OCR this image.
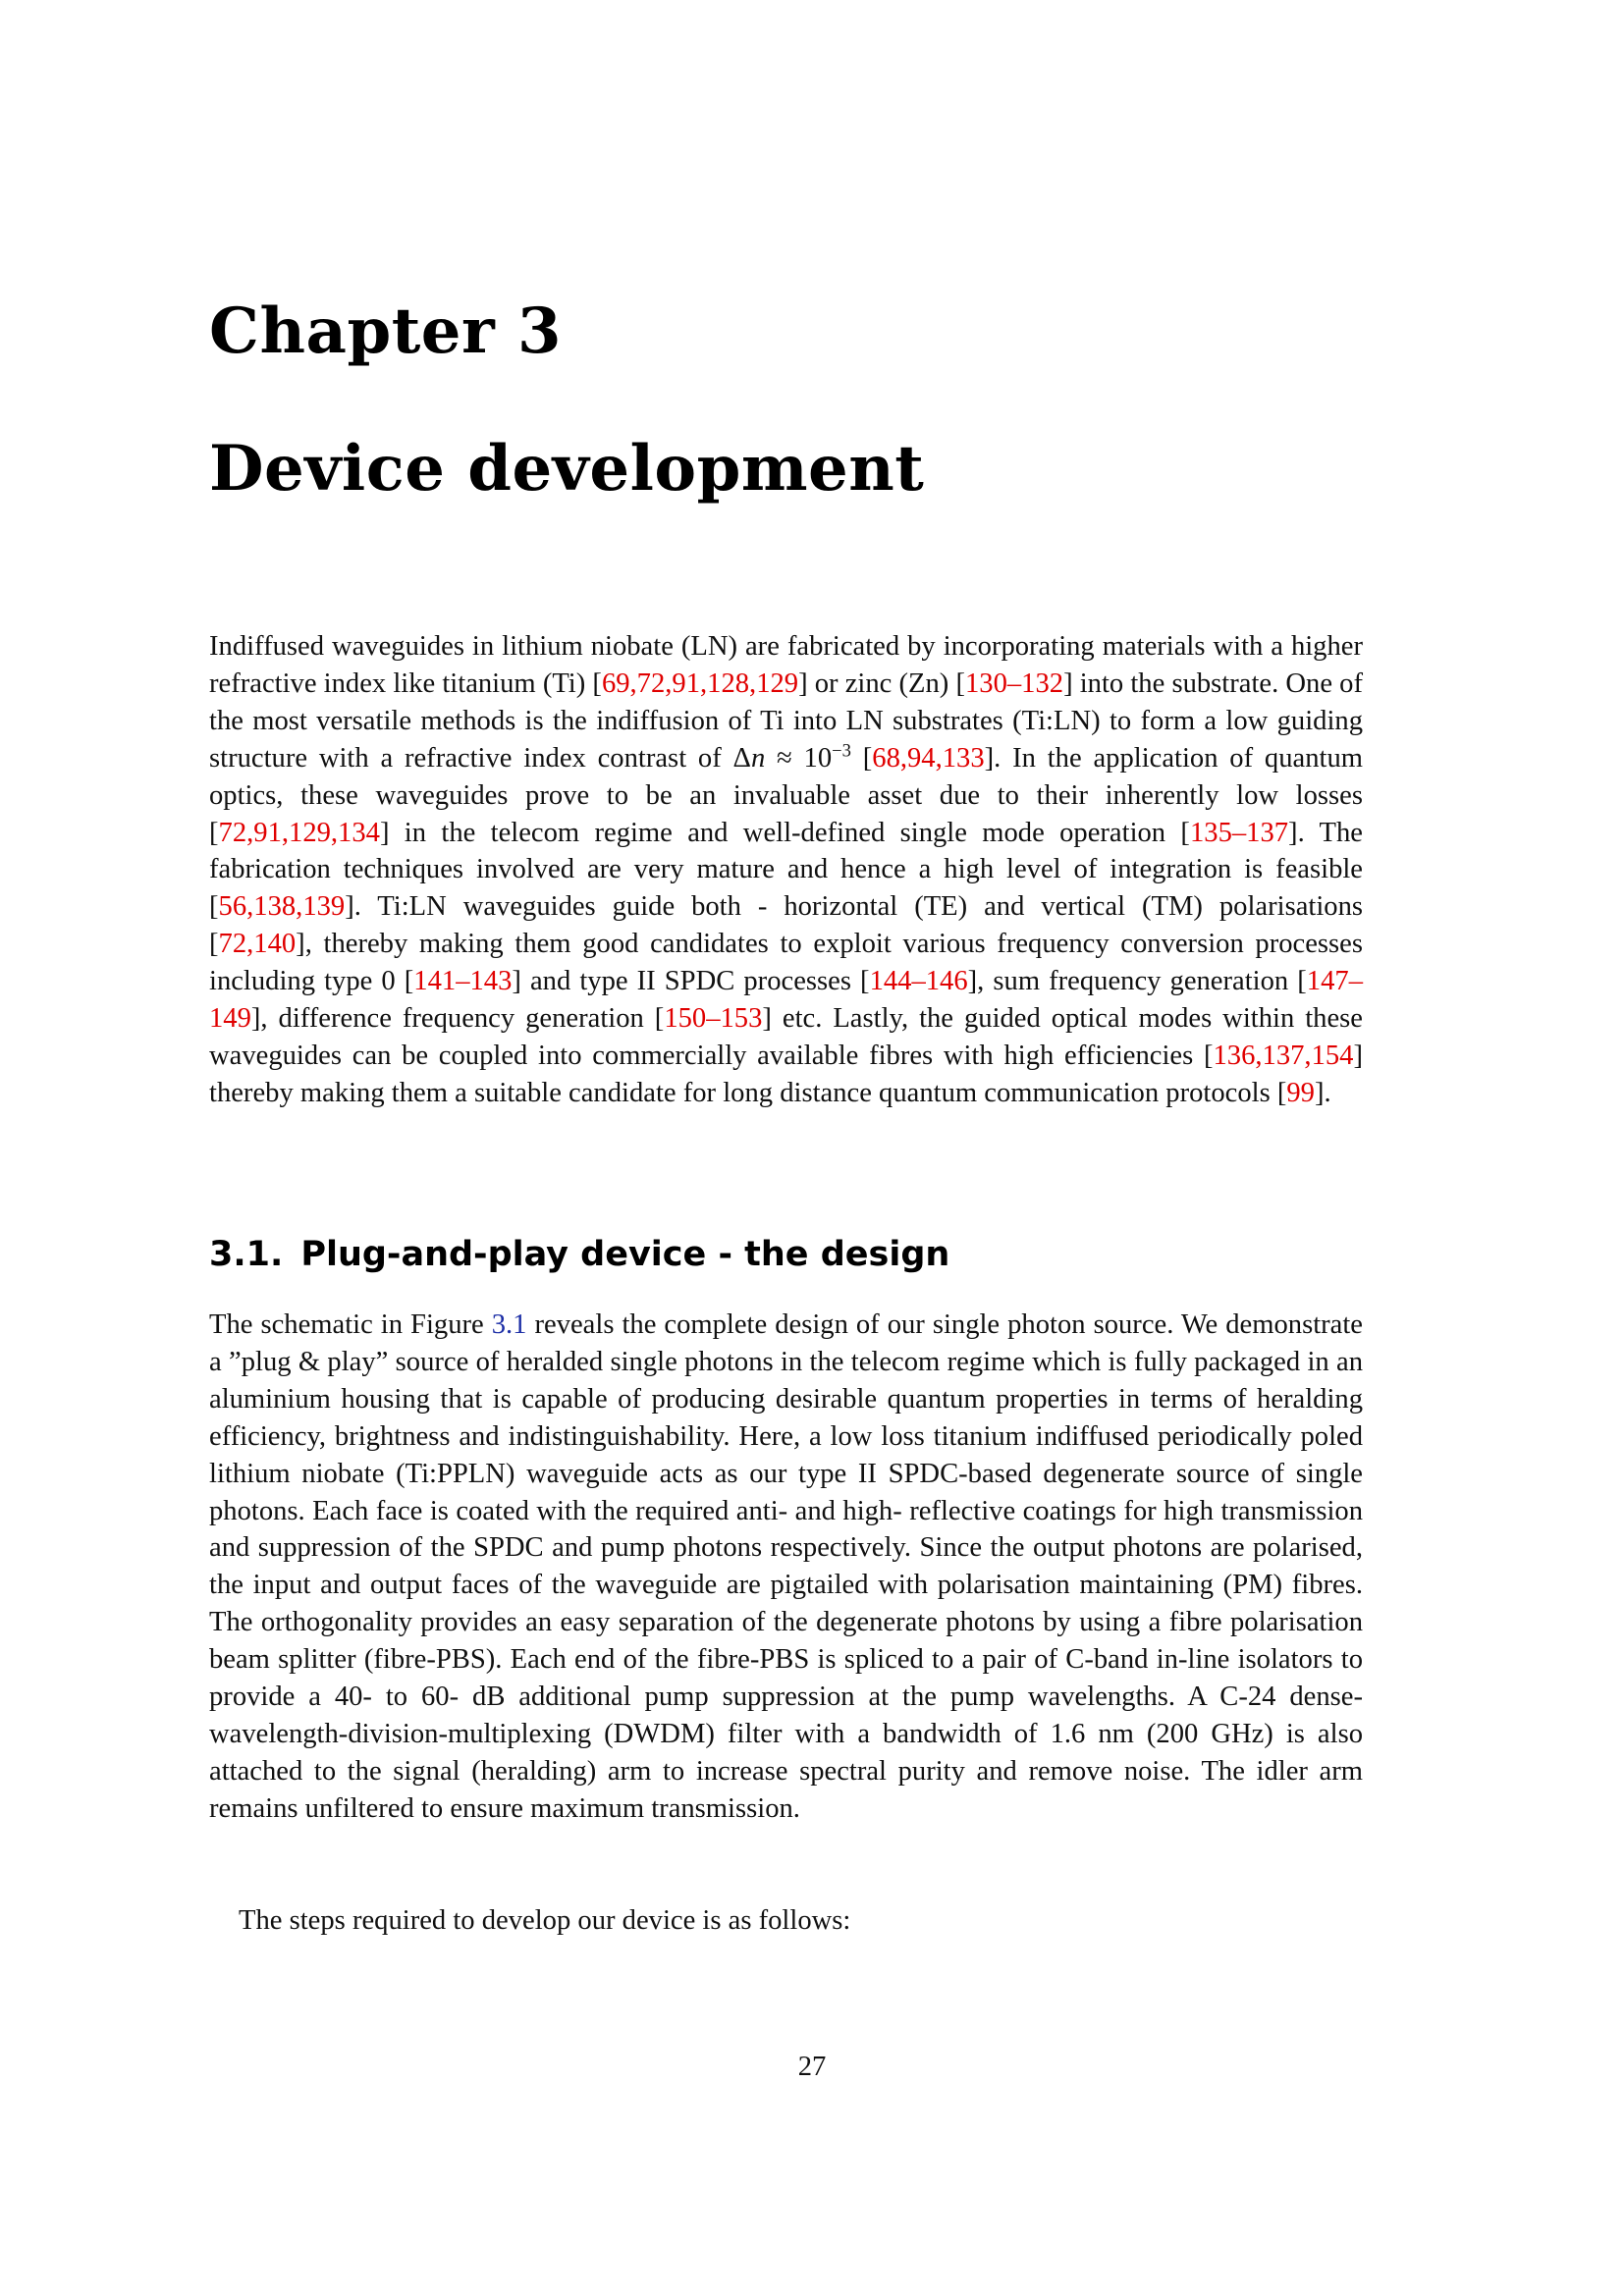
Chapter 3
Device development

Indiffused waveguides in lithium niobate (LN) are fabricated by incorporating materials with a higher refractive index like titanium (Ti) [69,72,91,128,129] or zinc (Zn) [130–132] into the substrate. One of the most versatile methods is the indiffusion of Ti into LN substrates (Ti:LN) to form a low guiding structure with a refractive index contrast of $\Delta n \approx 10^{-3}$ [68,94,133]. In the application of quantum optics, these waveguides prove to be an invaluable asset due to their inherently low losses [72,91,129,134] in the telecom regime and well-defined single mode operation [135–137]. The fabrication techniques involved are very mature and hence a high level of integration is feasible [56,138,139]. Ti:LN waveguides guide both - horizontal (TE) and vertical (TM) polarisations [72,140], thereby making them good candidates to exploit various frequency conversion processes including type 0 [141–143] and type II SPDC processes [144–146], sum frequency generation [147–149], difference frequency generation [150–153] etc. Lastly, the guided optical modes within these waveguides can be coupled into commercially available fibres with high efficiencies [136,137,154] thereby making them a suitable candidate for long distance quantum communication protocols [99].

3.1. Plug-and-play device - the design

The schematic in Figure 3.1 reveals the complete design of our single photon source. We demonstrate a ”plug & play” source of heralded single photons in the telecom regime which is fully packaged in an aluminium housing that is capable of producing desirable quantum properties in terms of heralding efficiency, brightness and indistinguishability. Here, a low loss titanium indiffused periodically poled lithium niobate (Ti:PPLN) waveguide acts as our type II SPDC-based degenerate source of single photons. Each face is coated with the required anti- and high- reflective coatings for high transmission and suppression of the SPDC and pump photons respectively. Since the output photons are polarised, the input and output faces of the waveguide are pigtailed with polarisation maintaining (PM) fibres. The orthogonality provides an easy separation of the degenerate photons by using a fibre polarisation beam splitter (fibre-PBS). Each end of the fibre-PBS is spliced to a pair of C-band in-line isolators to provide a 40- to 60- dB additional pump suppression at the pump wavelengths. A C-24 dense-wavelength-division-multiplexing (DWDM) filter with a bandwidth of 1.6 nm (200 GHz) is also attached to the signal (heralding) arm to increase spectral purity and remove noise. The idler arm remains unfiltered to ensure maximum transmission.

The steps required to develop our device is as follows:

27
